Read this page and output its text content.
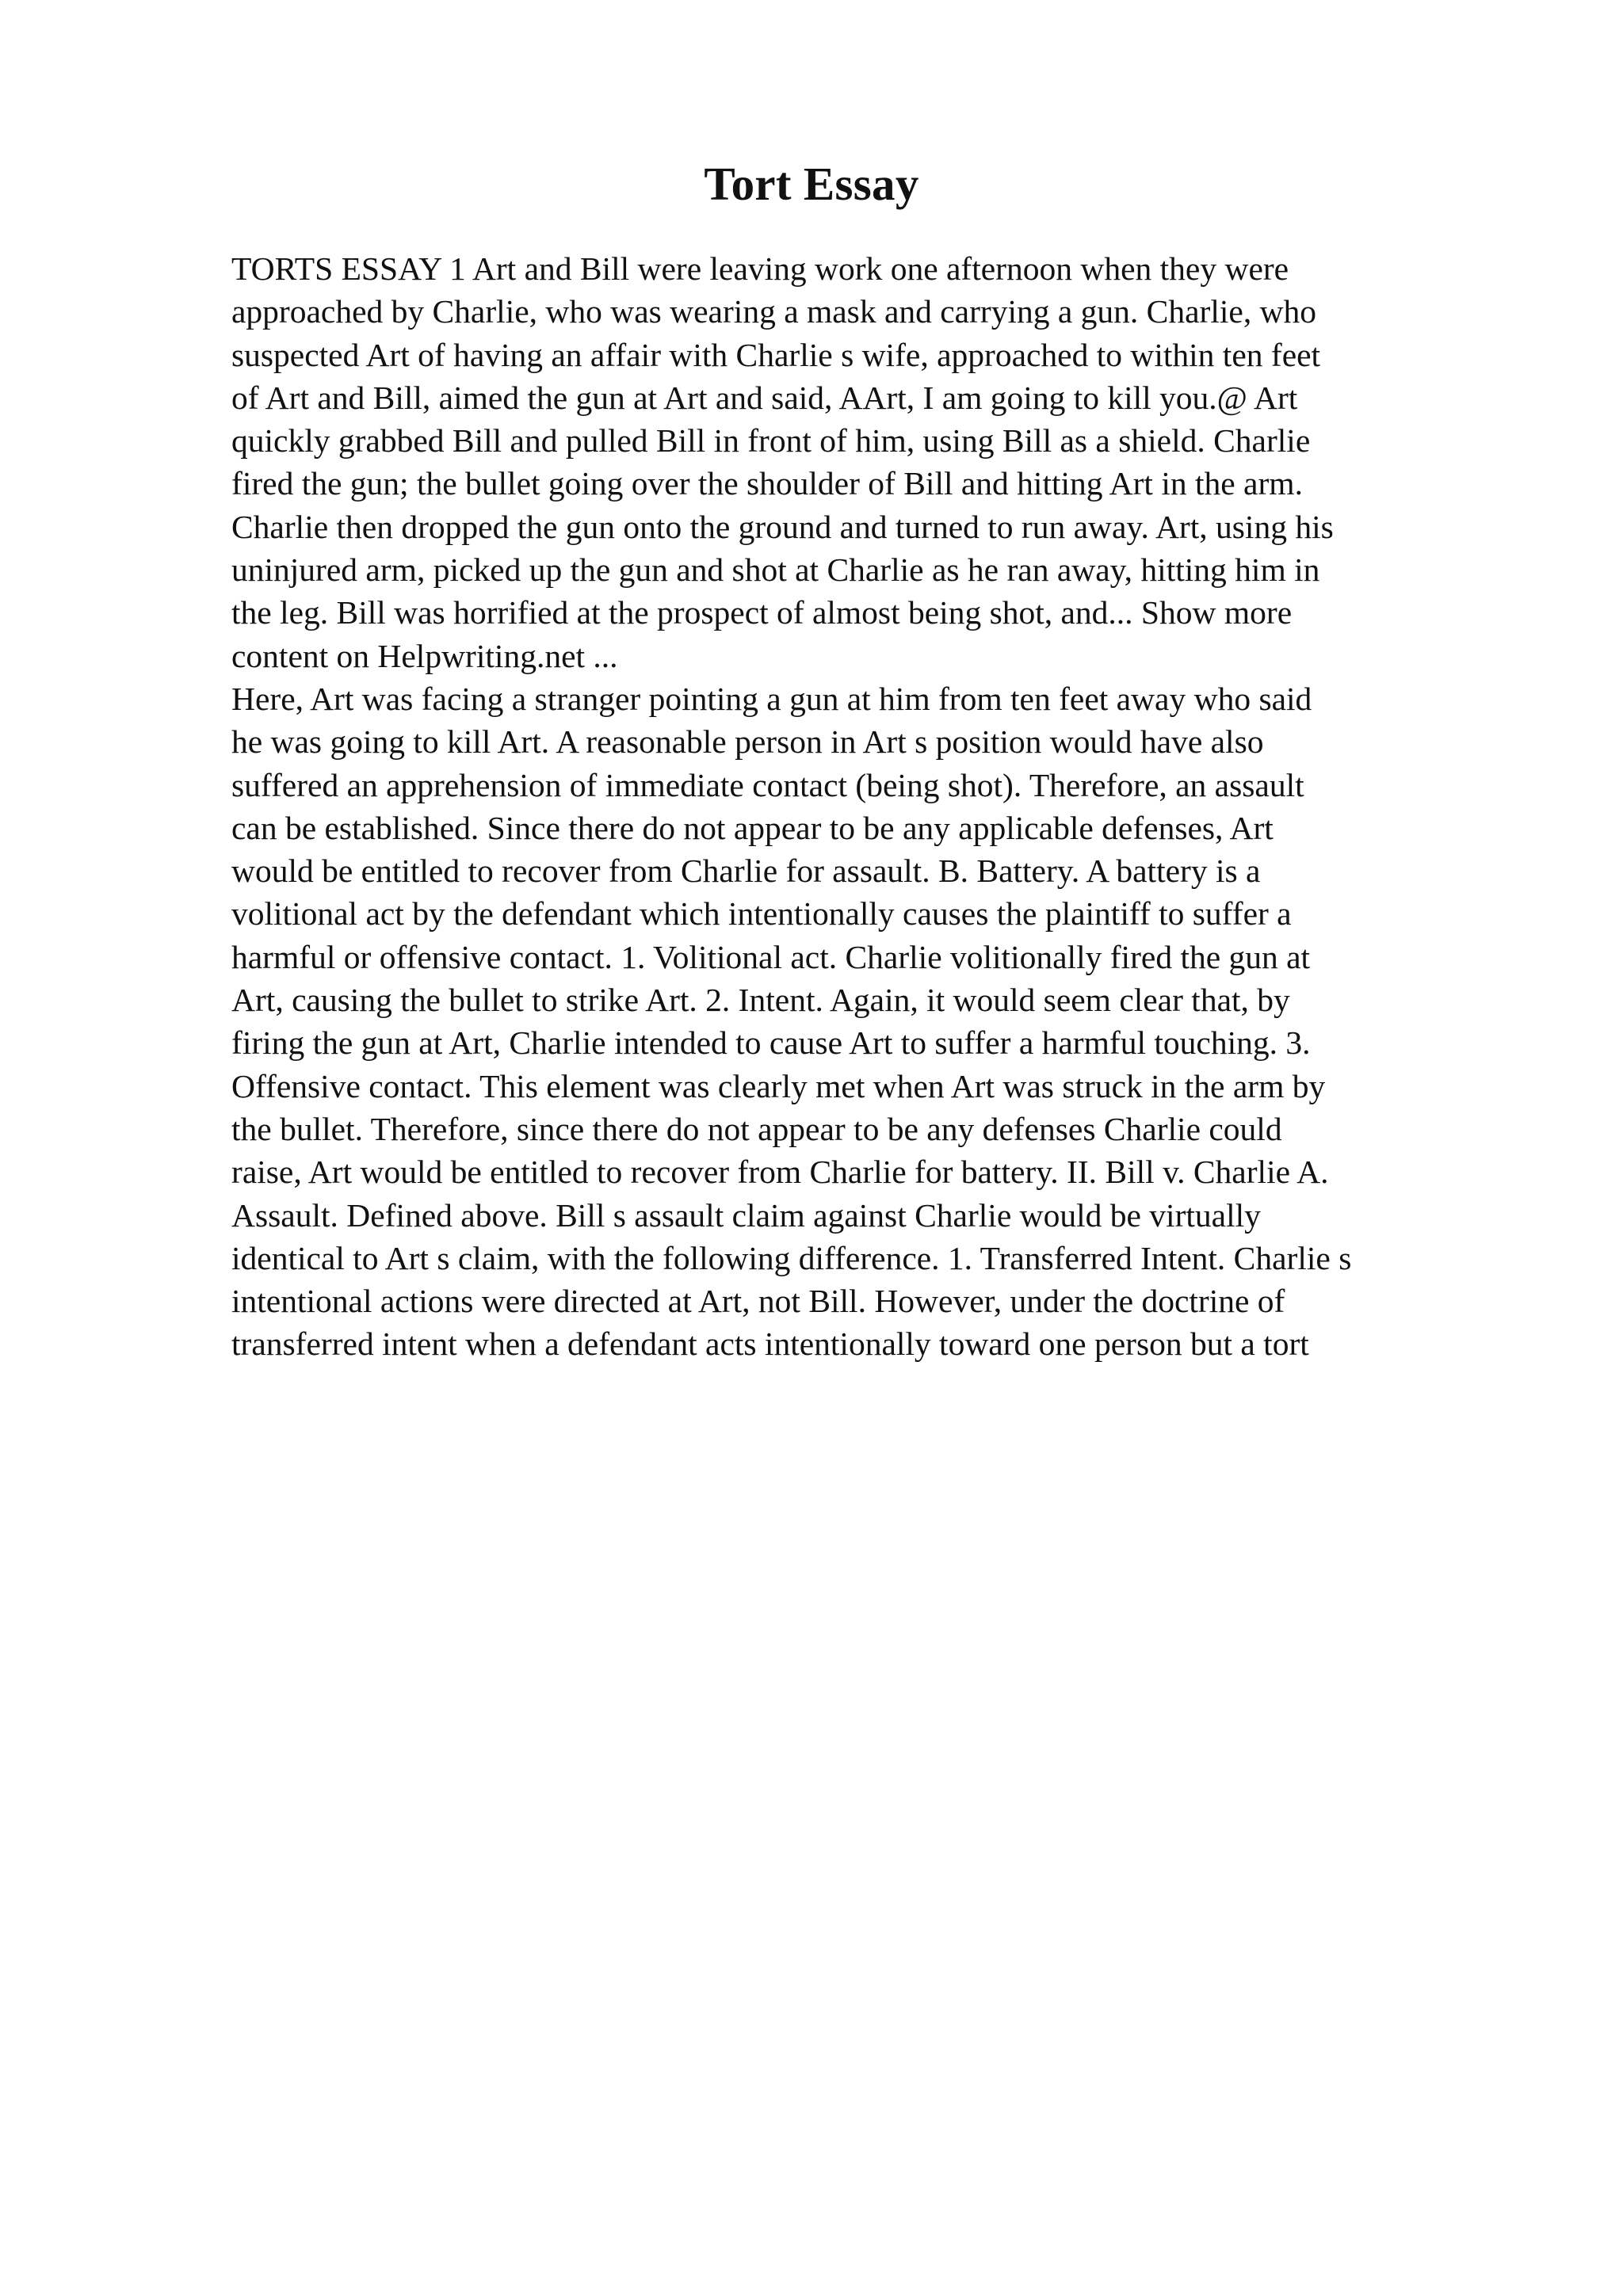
Tort Essay
TORTS ESSAY 1 Art and Bill were leaving work one afternoon when they were
approached by Charlie, who was wearing a mask and carrying a gun. Charlie, who
suspected Art of having an affair with Charlie s wife, approached to within ten feet
of Art and Bill, aimed the gun at Art and said, AArt, I am going to kill you.@ Art
quickly grabbed Bill and pulled Bill in front of him, using Bill as a shield. Charlie
fired the gun; the bullet going over the shoulder of Bill and hitting Art in the arm.
Charlie then dropped the gun onto the ground and turned to run away. Art, using his
uninjured arm, picked up the gun and shot at Charlie as he ran away, hitting him in
the leg. Bill was horrified at the prospect of almost being shot, and... Show more
content on Helpwriting.net ...
Here, Art was facing a stranger pointing a gun at him from ten feet away who said
he was going to kill Art. A reasonable person in Art s position would have also
suffered an apprehension of immediate contact (being shot). Therefore, an assault
can be established. Since there do not appear to be any applicable defenses, Art
would be entitled to recover from Charlie for assault. B. Battery. A battery is a
volitional act by the defendant which intentionally causes the plaintiff to suffer a
harmful or offensive contact. 1. Volitional act. Charlie volitionally fired the gun at
Art, causing the bullet to strike Art. 2. Intent. Again, it would seem clear that, by
firing the gun at Art, Charlie intended to cause Art to suffer a harmful touching. 3.
Offensive contact. This element was clearly met when Art was struck in the arm by
the bullet. Therefore, since there do not appear to be any defenses Charlie could
raise, Art would be entitled to recover from Charlie for battery. II. Bill v. Charlie A.
Assault. Defined above. Bill s assault claim against Charlie would be virtually
identical to Art s claim, with the following difference. 1. Transferred Intent. Charlie s
intentional actions were directed at Art, not Bill. However, under the doctrine of
transferred intent when a defendant acts intentionally toward one person but a tort
